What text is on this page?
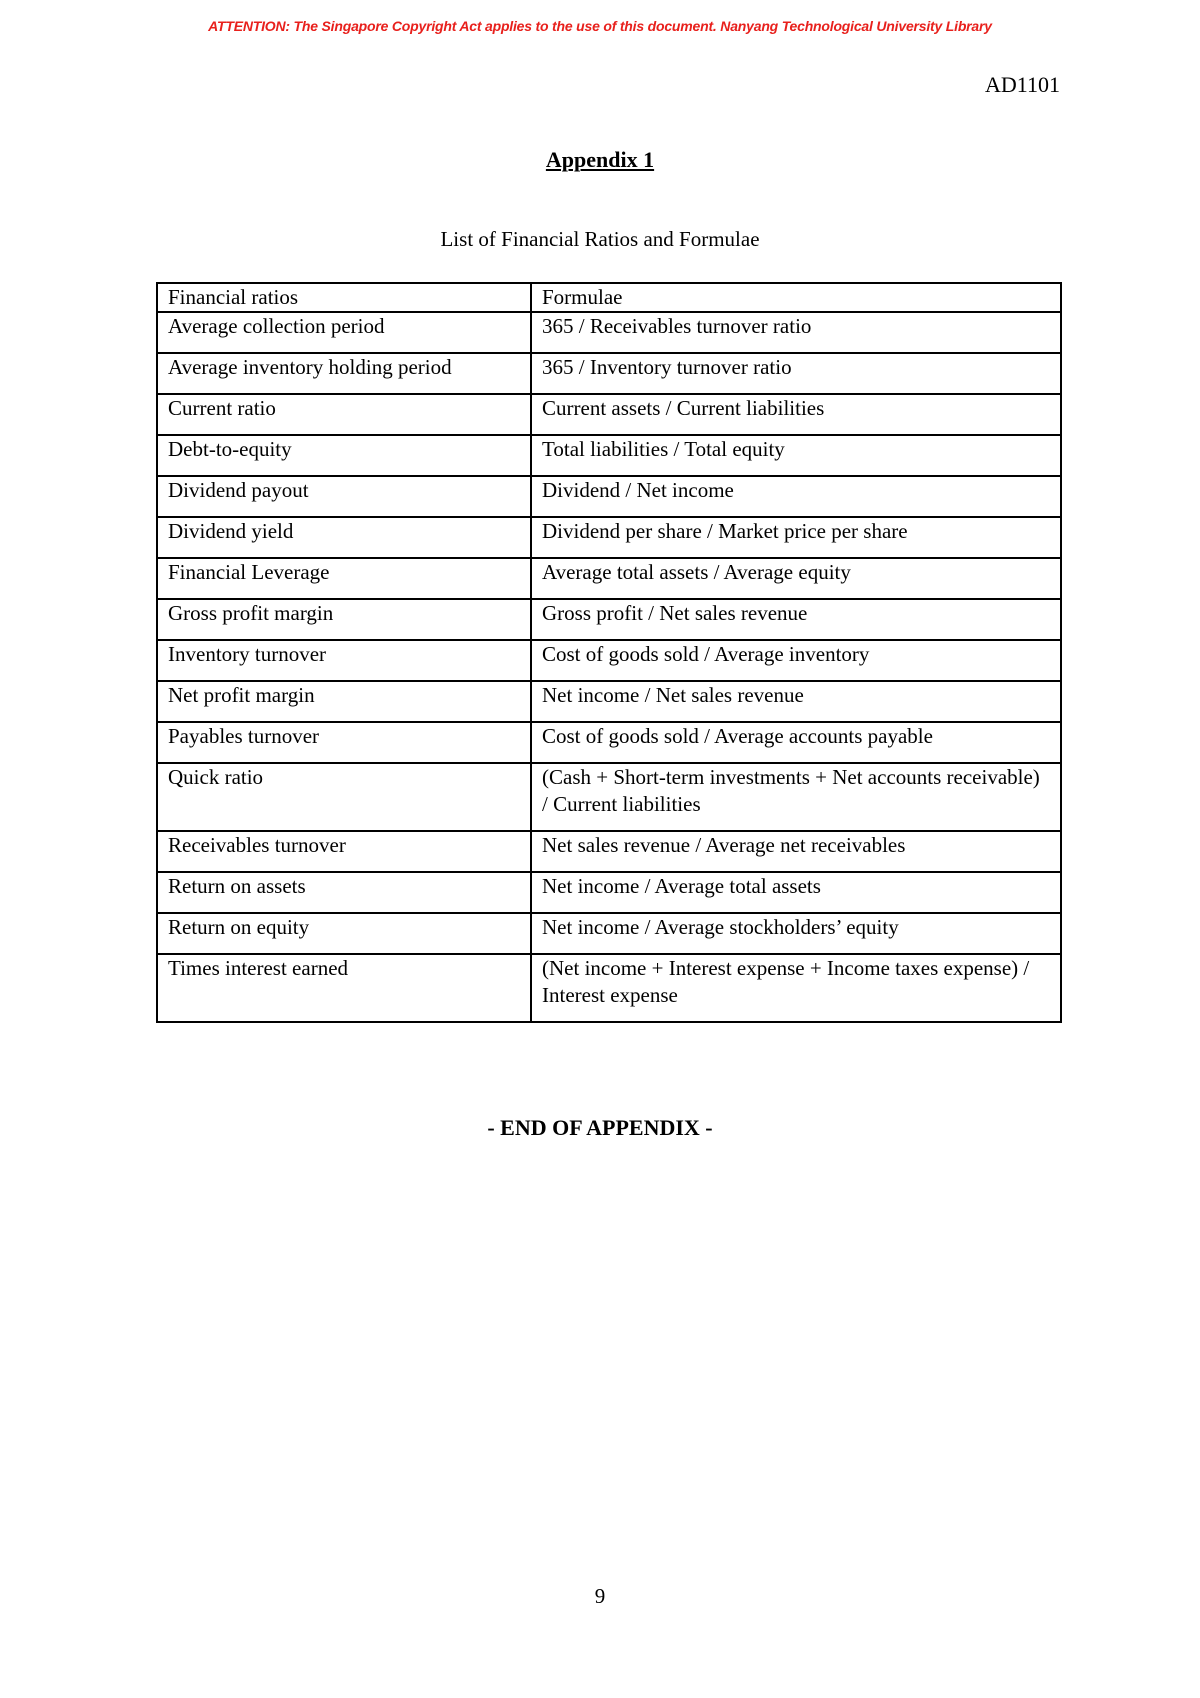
ATTENTION: The Singapore Copyright Act applies to the use of this document. Nanyang Technological University Library
AD1101
Appendix 1
List of Financial Ratios and Formulae
Financial ratios	Formulae
Average collection period	365 / Receivables turnover ratio
Average inventory holding period	365 / Inventory turnover ratio
Current ratio	Current assets / Current liabilities
Debt-to-equity	Total liabilities / Total equity
Dividend payout	Dividend / Net income
Dividend yield	Dividend per share / Market price per share
Financial Leverage	Average total assets / Average equity
Gross profit margin	Gross profit / Net sales revenue
Inventory turnover	Cost of goods sold / Average inventory
Net profit margin	Net income / Net sales revenue
Payables turnover	Cost of goods sold / Average accounts payable
Quick ratio	(Cash + Short-term investments + Net accounts receivable) / Current liabilities
Receivables turnover	Net sales revenue / Average net receivables
Return on assets	Net income / Average total assets
Return on equity	Net income / Average stockholders’ equity
Times interest earned	(Net income + Interest expense + Income taxes expense) / Interest expense
- END OF APPENDIX -
9
